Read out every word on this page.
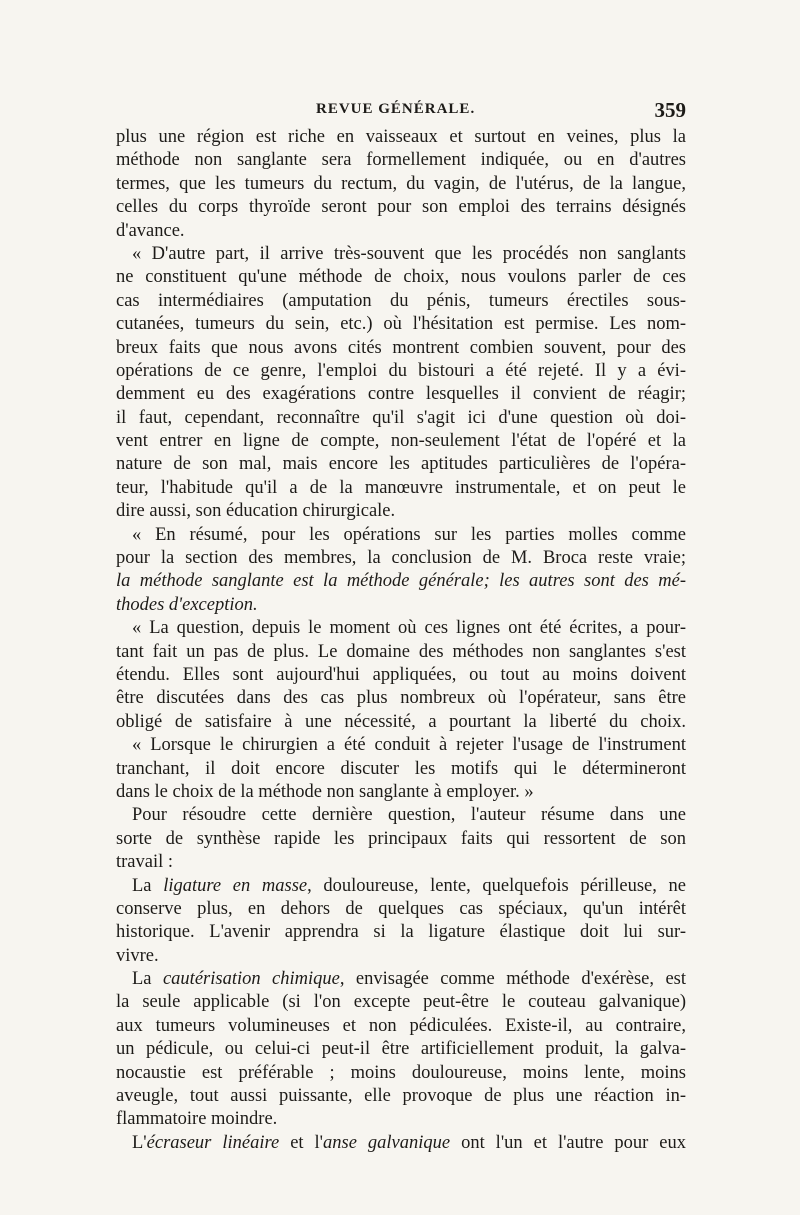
REVUE GÉNÉRALE.	359
plus une région est riche en vaisseaux et surtout en veines, plus la
méthode non sanglante sera formellement indiquée, ou en d'autres
termes, que les tumeurs du rectum, du vagin, de l'utérus, de la langue,
celles du corps thyroïde seront pour son emploi des terrains désignés
d'avance.
« D'autre part, il arrive très-souvent que les procédés non sanglants
ne constituent qu'une méthode de choix, nous voulons parler de ces
cas intermédiaires (amputation du pénis, tumeurs érectiles sous-
cutanées, tumeurs du sein, etc.) où l'hésitation est permise. Les nom-
breux faits que nous avons cités montrent combien souvent, pour des
opérations de ce genre, l'emploi du bistouri a été rejeté. Il y a évi-
demment eu des exagérations contre lesquelles il convient de réagir;
il faut, cependant, reconnaître qu'il s'agit ici d'une question où doi-
vent entrer en ligne de compte, non-seulement l'état de l'opéré et la
nature de son mal, mais encore les aptitudes particulières de l'opéra-
teur, l'habitude qu'il a de la manœuvre instrumentale, et on peut le
dire aussi, son éducation chirurgicale.
« En résumé, pour les opérations sur les parties molles comme
pour la section des membres, la conclusion de M. Broca reste vraie;
la méthode sanglante est la méthode générale; les autres sont des mé-
thodes d'exception.
« La question, depuis le moment où ces lignes ont été écrites, a pour-
tant fait un pas de plus. Le domaine des méthodes non sanglantes s'est
étendu. Elles sont aujourd'hui appliquées, ou tout au moins doivent
être discutées dans des cas plus nombreux où l'opérateur, sans être
obligé de satisfaire à une nécessité, a pourtant la liberté du choix.
« Lorsque le chirurgien a été conduit à rejeter l'usage de l'instrument
tranchant, il doit encore discuter les motifs qui le détermineront
dans le choix de la méthode non sanglante à employer. »
Pour résoudre cette dernière question, l'auteur résume dans une
sorte de synthèse rapide les principaux faits qui ressortent de son
travail :
La ligature en masse, douloureuse, lente, quelquefois périlleuse, ne
conserve plus, en dehors de quelques cas spéciaux, qu'un intérêt
historique. L'avenir apprendra si la ligature élastique doit lui sur-
vivre.
La cautérisation chimique, envisagée comme méthode d'exérèse, est
la seule applicable (si l'on excepte peut-être le couteau galvanique)
aux tumeurs volumineuses et non pédiculées. Existe-il, au contraire,
un pédicule, ou celui-ci peut-il être artificiellement produit, la galva-
nocaustie est préférable ; moins douloureuse, moins lente, moins
aveugle, tout aussi puissante, elle provoque de plus une réaction in-
flammatoire moindre.
L'écraseur linéaire et l'anse galvanique ont l'un et l'autre pour eux
